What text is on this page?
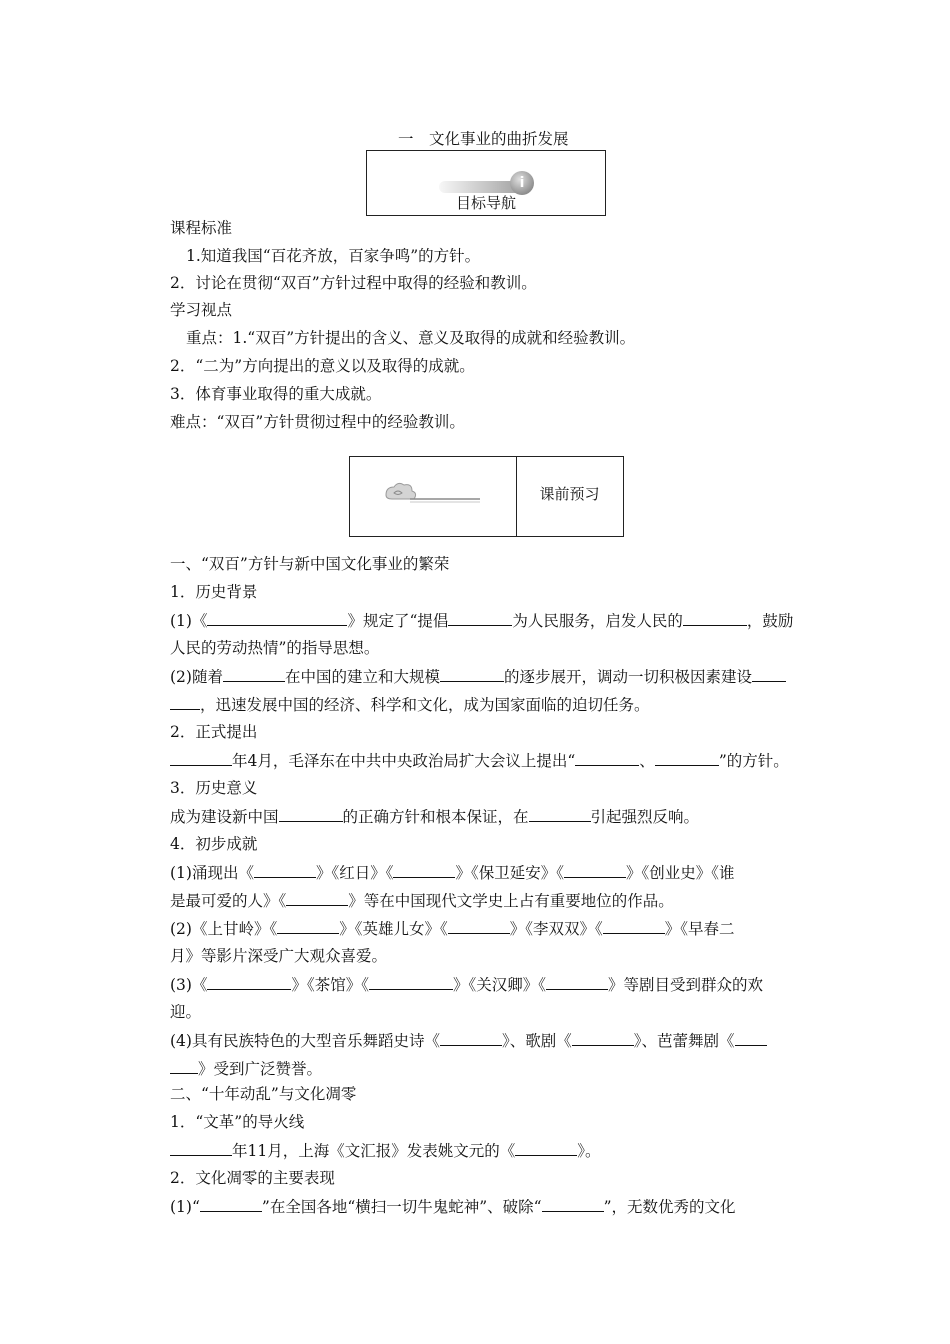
一　文化事业的曲折发展
i
目标导航
课程标准
1.知道我国“百花齐放，百家争鸣”的方针。
2．讨论在贯彻“双百”方针过程中取得的经验和教训。
学习视点
重点：1.“双百”方针提出的含义、意义及取得的成就和经验教训。
2．“二为”方向提出的意义以及取得的成就。
3．体育事业取得的重大成就。
难点：“双百”方针贯彻过程中的经验教训。
课前预习
一、“双百”方针与新中国文化事业的繁荣
1．历史背景
(1)《	》规定了“提倡	为人民服务，启发人民的	，鼓励
人民的劳动热情”的指导思想。
(2)随着	在中国的建立和大规模	的逐步展开，调动一切积极因素建设
，迅速发展中国的经济、科学和文化，成为国家面临的迫切任务。
2．正式提出
年4月，毛泽东在中共中央政治局扩大会议上提出“	、	”的方针。
3．历史意义
成为建设新中国	的正确方针和根本保证，在	引起强烈反响。
4．初步成就
(1)涌现出《	》《红日》《	》《保卫延安》《	》《创业史》《谁
是最可爱的人》《	》等在中国现代文学史上占有重要地位的作品。
(2)《上甘岭》《	》《英雄儿女》《	》《李双双》《	》《早春二
月》等影片深受广大观众喜爱。
(3)《	》《茶馆》《	》《关汉卿》《	》等剧目受到群众的欢
迎。
(4)具有民族特色的大型音乐舞蹈史诗《	》、歌剧《	》、芭蕾舞剧《
》受到广泛赞誉。
二、“十年动乱”与文化凋零
1．“文革”的导火线
年11月，上海《文汇报》发表姚文元的《	》。
2．文化凋零的主要表现
(1)“	”在全国各地“横扫一切牛鬼蛇神”、破除“	”，无数优秀的文化
